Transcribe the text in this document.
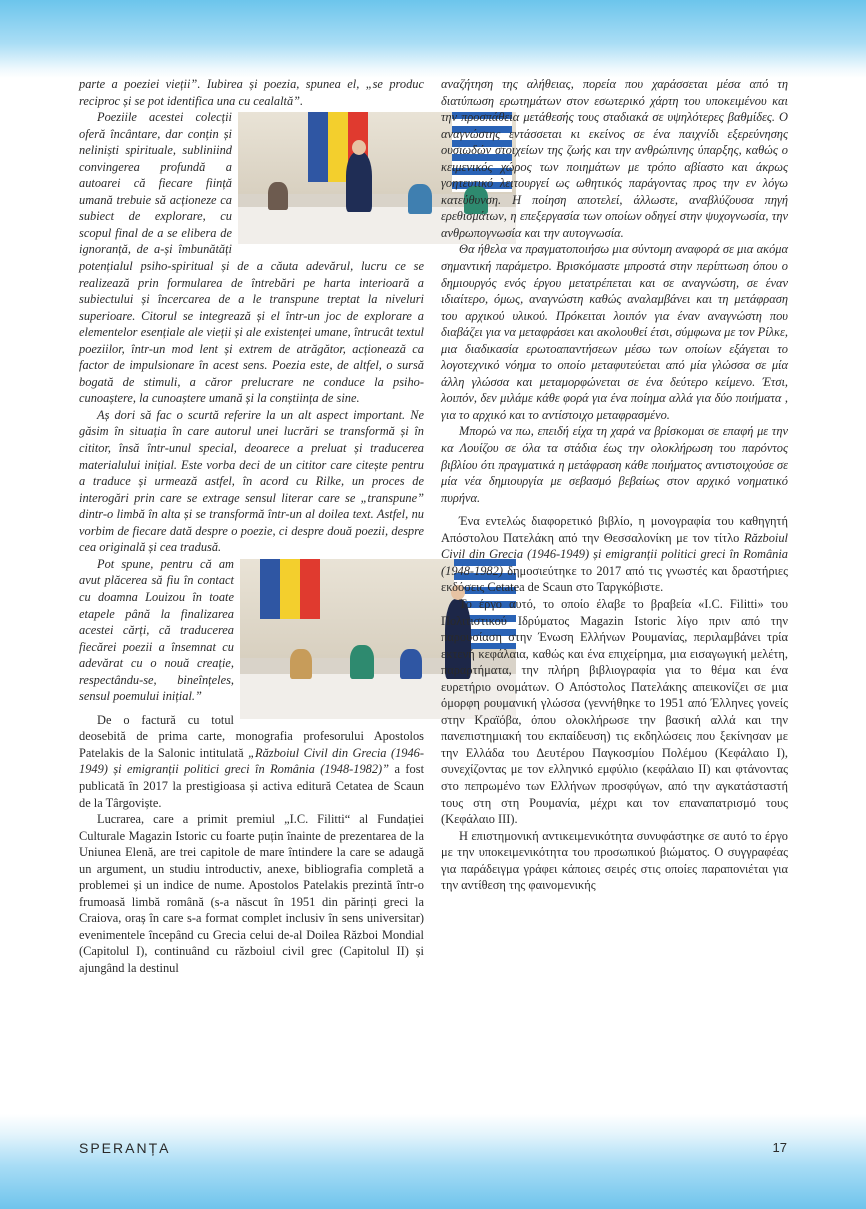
parte a poeziei vieții”. Iubirea și poezia, spunea el, „se produc reciproc și se pot identifica una cu cealaltă”.

Poeziile acestei colecții oferă încântare, dar conțin și neliniști spirituale, subliniind convingerea profundă a autoarei că fiecare ființă umană trebuie să acționeze ca subiect de explorare, cu scopul final de a se elibera de ignoranță, de a-și îmbunătăți potențialul psiho-spiritual și de a căuta adevărul, lucru ce se realizează prin formularea de întrebări pe harta interioară a subiectului și încercarea de a le transpune treptat la niveluri superioare. Citorul se integrează și el într-un joc de explorare a elementelor esențiale ale vieții și ale existenței umane, întrucât textul poeziilor, într-un mod lent și extrem de atrăgător, acționează ca factor de impulsionare în acest sens. Poezia este, de altfel, o sursă bogată de stimuli, a căror prelucrare ne conduce la psiho-cunoaștere, la cunoaștere umană și la conștiința de sine.

Aș dori să fac o scurtă referire la un alt aspect important. Ne găsim în situația în care autorul unei lucrări se transformă și în cititor, însă într-unul special, deoarece a preluat și traducerea materialului inițial. Este vorba deci de un cititor care citește pentru a traduce și urmează astfel, în acord cu Rilke, un proces de interogări prin care se extrage sensul literar care se „transpune” dintr-o limbă în alta și se transformă într-un al doilea text. Astfel, nu vorbim de fiecare dată despre o poezie, ci despre două poezii, despre cea originală și cea tradusă.

Pot spune, pentru că am avut plăcerea să fiu în contact cu doamna Louizou în toate etapele până la finalizarea acestei cărți, că traducerea fiecărei poezii a însemnat cu adevărat cu o nouă creație, respectându-se, bineînțeles, sensul poemului inițial.”

De o factură cu totul deosebită de prima carte, monografia profesorului Apostolos Patelakis de la Salonic intitulată „Războiul Civil din Grecia (1946-1949) și emigranții politici greci în România (1948-1982)” a fost publicată în 2017 la prestigioasa și activa editură Cetatea de Scaun de la Târgoviște.

Lucrarea, care a primit premiul „I.C. Filitti“ al Fundației Culturale Magazin Istoric cu foarte puțin înainte de prezentarea de la Uniunea Elenă, are trei capitole de mare întindere la care se adaugă un argument, un studiu introductiv, anexe, bibliografia completă a problemei și un indice de nume. Apostolos Patelakis prezintă într-o frumoasă limbă română (s-a născut în 1951 din părinți greci la Craiova, oraș în care s-a format complet inclusiv în sens universitar) evenimentele începând cu Grecia celui de-al Doilea Război Mondial (Capitolul I), continuând cu războiul civil grec (Capitolul II) și ajungând la destinul

αναζήτηση της αλήθειας, πορεία που χαράσσεται μέσα από τη διατύπωση ερωτημάτων στον εσωτερικό χάρτη του υποκειμένου και την προσπάθεια μετάθεσής τους σταδιακά σε υψηλότερες βαθμίδες. Ο αναγνώστης εντάσσεται κι εκείνος σε ένα παιχνίδι εξερεύνησης ουσιωδών στοιχείων της ζωής και την ανθρώπινης ύπαρξης, καθώς ο κειμενικός χώρος των ποιημάτων με τρόπο αβίαστο και άκρως γοητευτικό λειτουργεί ως ωθητικός παράγοντας προς την εν λόγω κατεύθυνση. Η ποίηση αποτελεί, άλλωστε, αναβλύζουσα πηγή ερεθισμάτων, η επεξεργασία των οποίων οδηγεί στην ψυχογνωσία, την ανθρωπογνωσία και την αυτογνωσία.

Θα ήθελα να πραγματοποιήσω μια σύντομη αναφορά σε μια ακόμα σημαντική παράμετρο. Βρισκόμαστε μπροστά στην περίπτωση όπου ο δημιουργός ενός έργου μετατρέπεται και σε αναγνώστη, σε έναν ιδιαίτερο, όμως, αναγνώστη καθώς αναλαμβάνει και τη μετάφραση του αρχικού υλικού. Πρόκειται λοιπόν για έναν αναγνώστη που διαβάζει για να μεταφράσει και ακολουθεί έτσι, σύμφωνα με τον Ρίλκε, μια διαδικασία ερωτοαπαντήσεων μέσω των οποίων εξάγεται το λογοτεχνικό νόημα το οποίο μεταφυτεύεται από μία γλώσσα σε μία άλλη γλώσσα και μεταμορφώνεται σε ένα δεύτερο κείμενο. Έτσι, λοιπόν, δεν μιλάμε κάθε φορά για ένα ποίημα αλλά για δύο ποιήματα , για το αρχικό και το αντίστοιχο μεταφρασμένο.

Μπορώ να πω, επειδή είχα τη χαρά να βρίσκομαι σε επαφή με την κα Λουίζου σε όλα τα στάδια έως την ολοκλήρωση του παρόντος βιβλίου ότι πραγματικά η μετάφραση κάθε ποιήματος αντιστοιχούσε σε μία νέα δημιουργία με σεβασμό βεβαίως στον αρχικό νοηματικό πυρήνα.

Ένα εντελώς διαφορετικό βιβλίο, η μονογραφία του καθηγητή Απόστολου Πατελάκη από την Θεσσαλονίκη με τον τίτλο Războiul Civil din Grecia (1946-1949) și emigranții politici greci în România (1948-1982) δημοσιεύτηκε το 2017 από τις γνωστές και δραστήριες εκδόσεις Cetatea de Scaun στο Ταργκόβιστε.

Το έργο αυτό, το οποίο έλαβε το βραβεία «I.C. Filitti» του Πολιτιστικού Ιδρύματος Magazin Istoric λίγο πριν από την παρουσίαση στην Ένωση Ελλήνων Ρουμανίας, περιλαμβάνει τρία εκτενή κεφάλαια, καθώς και ένα επιχείρημα, μια εισαγωγική μελέτη, παραρτήματα, την πλήρη βιβλιογραφία για το θέμα και ένα ευρετήριο ονομάτων. Ο Απόστολος Πατελάκης απεικονίζει σε μια όμορφη ρουμανική γλώσσα (γεννήθηκε το 1951 από Έλληνες γονείς στην Κραϊόβα, όπου ολοκλήρωσε την βασική αλλά και την πανεπιστημιακή του εκπαίδευση) τις εκδηλώσεις που ξεκίνησαν με την Ελλάδα του Δευτέρου Παγκοσμίου Πολέμου (Κεφάλαιο I), συνεχίζοντας με τον ελληνικό εμφύλιο (κεφάλαιο II) και φτάνοντας στο πεπρωμένο των Ελλήνων προσφύγων, από την αγκατάσταστή τους στη στη Ρουμανία, μέχρι και τον επαναπατρισμό τους (Κεφάλαιο III).

Η επιστημονική αντικειμενικότητα συνυφάστηκε σε αυτό το έργο με την υποκειμενικότητα του προσωπικού βιώματος. Ο συγγραφέας για παράδειγμα γράφει κάποιες σειρές στις οποίες παραπονιέται για την αντίθεση της φαινομενικής

SPERANȚA	17
